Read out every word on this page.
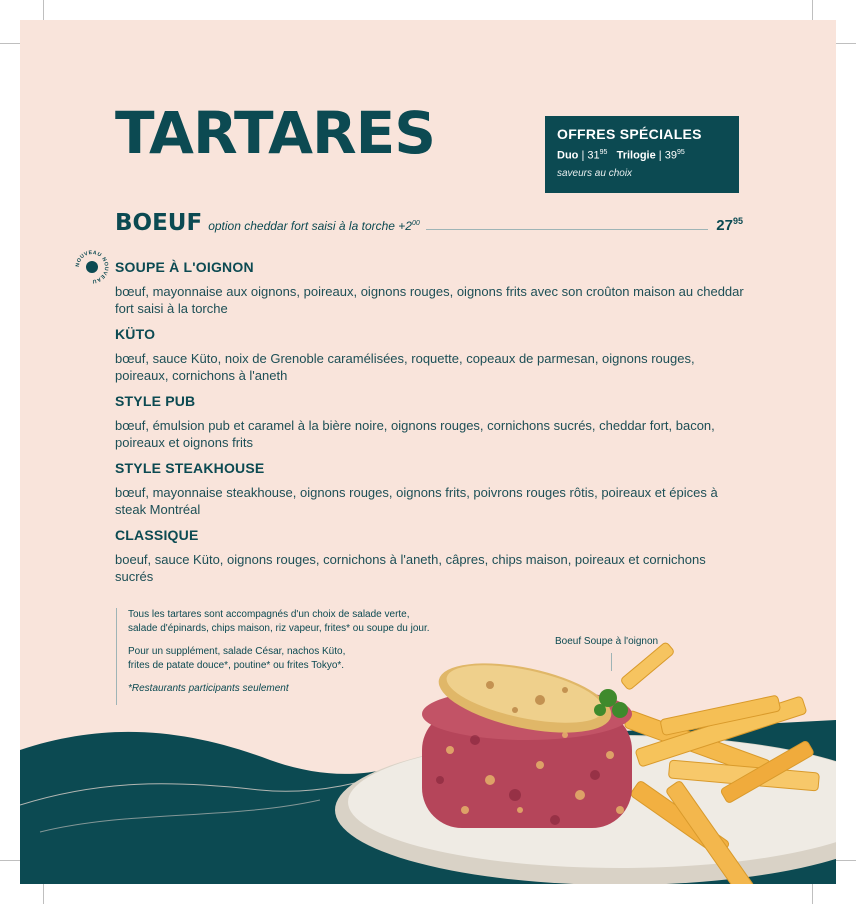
TARTARES	OFFRES SPÉCIALES
Duo | $31^{95}$ Trilogie | $39^{95}$
saveurs au choix
BOEUF option cheddar fort saisi à la torche $+2^{00}$	$27^{95}$
NOUVEAU NOUVEAU
SOUPE À L'OIGNON
bœuf, mayonnaise aux oignons, poireaux, oignons rouges, oignons frits avec son croûton maison au cheddar fort saisi à la torche
KÜTO
bœuf, sauce Küto, noix de Grenoble caramélisées, roquette, copeaux de parmesan, oignons rouges, poireaux, cornichons à l'aneth
STYLE PUB
bœuf, émulsion pub et caramel à la bière noire, oignons rouges, cornichons sucrés, cheddar fort, bacon, poireaux et oignons frits
STYLE STEAKHOUSE
bœuf, mayonnaise steakhouse, oignons rouges, oignons frits, poivrons rouges rôtis, poireaux et épices à steak Montréal
CLASSIQUE
boeuf, sauce Küto, oignons rouges, cornichons à l'aneth, câpres, chips maison, poireaux et cornichons sucrés

Tous les tartares sont accompagnés d'un choix de salade verte,
salade d'épinards, chips maison, riz vapeur, frites* ou soupe du jour.

Pour un supplément, salade César, nachos Küto,
frites de patate douce*, poutine* ou frites Tokyo*.

*Restaurants participants seulement

Boeuf Soupe à l'oignon
